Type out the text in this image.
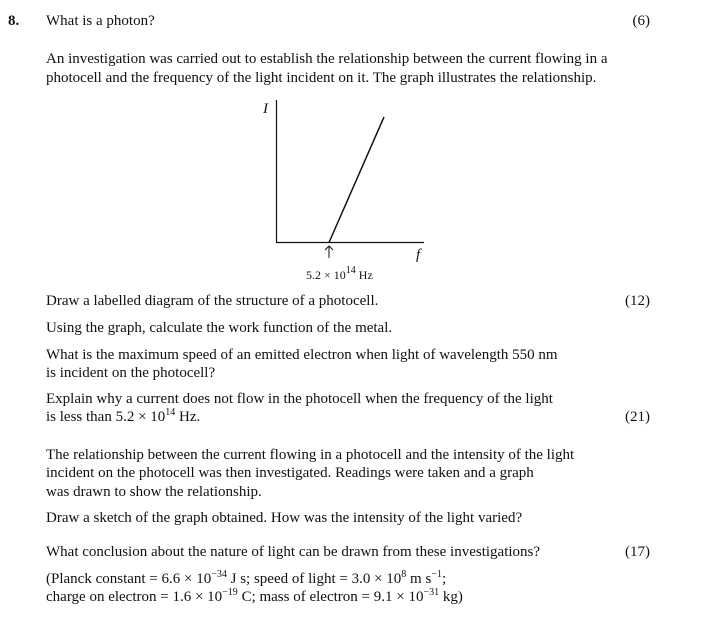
8. What is a photon?	(6)
An investigation was carried out to establish the relationship between the current flowing in a
photocell and the frequency of the light incident on it. The graph illustrates the relationship.
I
f
$5.2 \times 10^{14}$ Hz
Draw a labelled diagram of the structure of a photocell.	(12)
Using the graph, calculate the work function of the metal.
What is the maximum speed of an emitted electron when light of wavelength 550 nm
is incident on the photocell?
Explain why a current does not flow in the photocell when the frequency of the light
is less than $5.2 \times 10^{14}$ Hz.	(21)
The relationship between the current flowing in a photocell and the intensity of the light
incident on the photocell was then investigated. Readings were taken and a graph
was drawn to show the relationship.
Draw a sketch of the graph obtained. How was the intensity of the light varied?
What conclusion about the nature of light can be drawn from these investigations?	(17)
(Planck constant = $6.6 \times 10^{-34}$ J s; speed of light = $3.0 \times 10^8$ m $s^{-1}$;
charge on electron = $1.6 \times 10^{-19}$ C; mass of electron = $9.1 \times 10^{-31}$ kg)
